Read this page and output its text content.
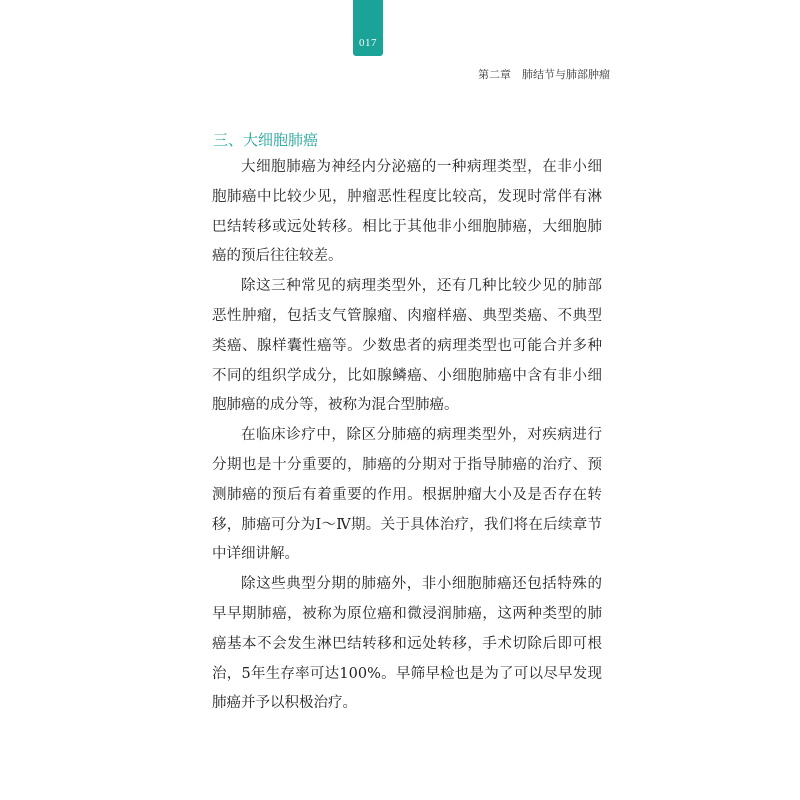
017
第二章　肺结节与肺部肿瘤
三、大细胞肺癌

大细胞肺癌为神经内分泌癌的一种病理类型，在非小细胞肺癌中比较少见，肿瘤恶性程度比较高，发现时常伴有淋巴结转移或远处转移。相比于其他非小细胞肺癌，大细胞肺癌的预后往往较差。

除这三种常见的病理类型外，还有几种比较少见的肺部恶性肿瘤，包括支气管腺瘤、肉瘤样癌、典型类癌、不典型类癌、腺样囊性癌等。少数患者的病理类型也可能合并多种不同的组织学成分，比如腺鳞癌、小细胞肺癌中含有非小细胞肺癌的成分等，被称为混合型肺癌。

在临床诊疗中，除区分肺癌的病理类型外，对疾病进行分期也是十分重要的，肺癌的分期对于指导肺癌的治疗、预测肺癌的预后有着重要的作用。根据肿瘤大小及是否存在转移，肺癌可分为Ⅰ～Ⅳ期。关于具体治疗，我们将在后续章节中详细讲解。

除这些典型分期的肺癌外，非小细胞肺癌还包括特殊的早早期肺癌，被称为原位癌和微浸润肺癌，这两种类型的肺癌基本不会发生淋巴结转移和远处转移，手术切除后即可根治，5年生存率可达100%。早筛早检也是为了可以尽早发现肺癌并予以积极治疗。
